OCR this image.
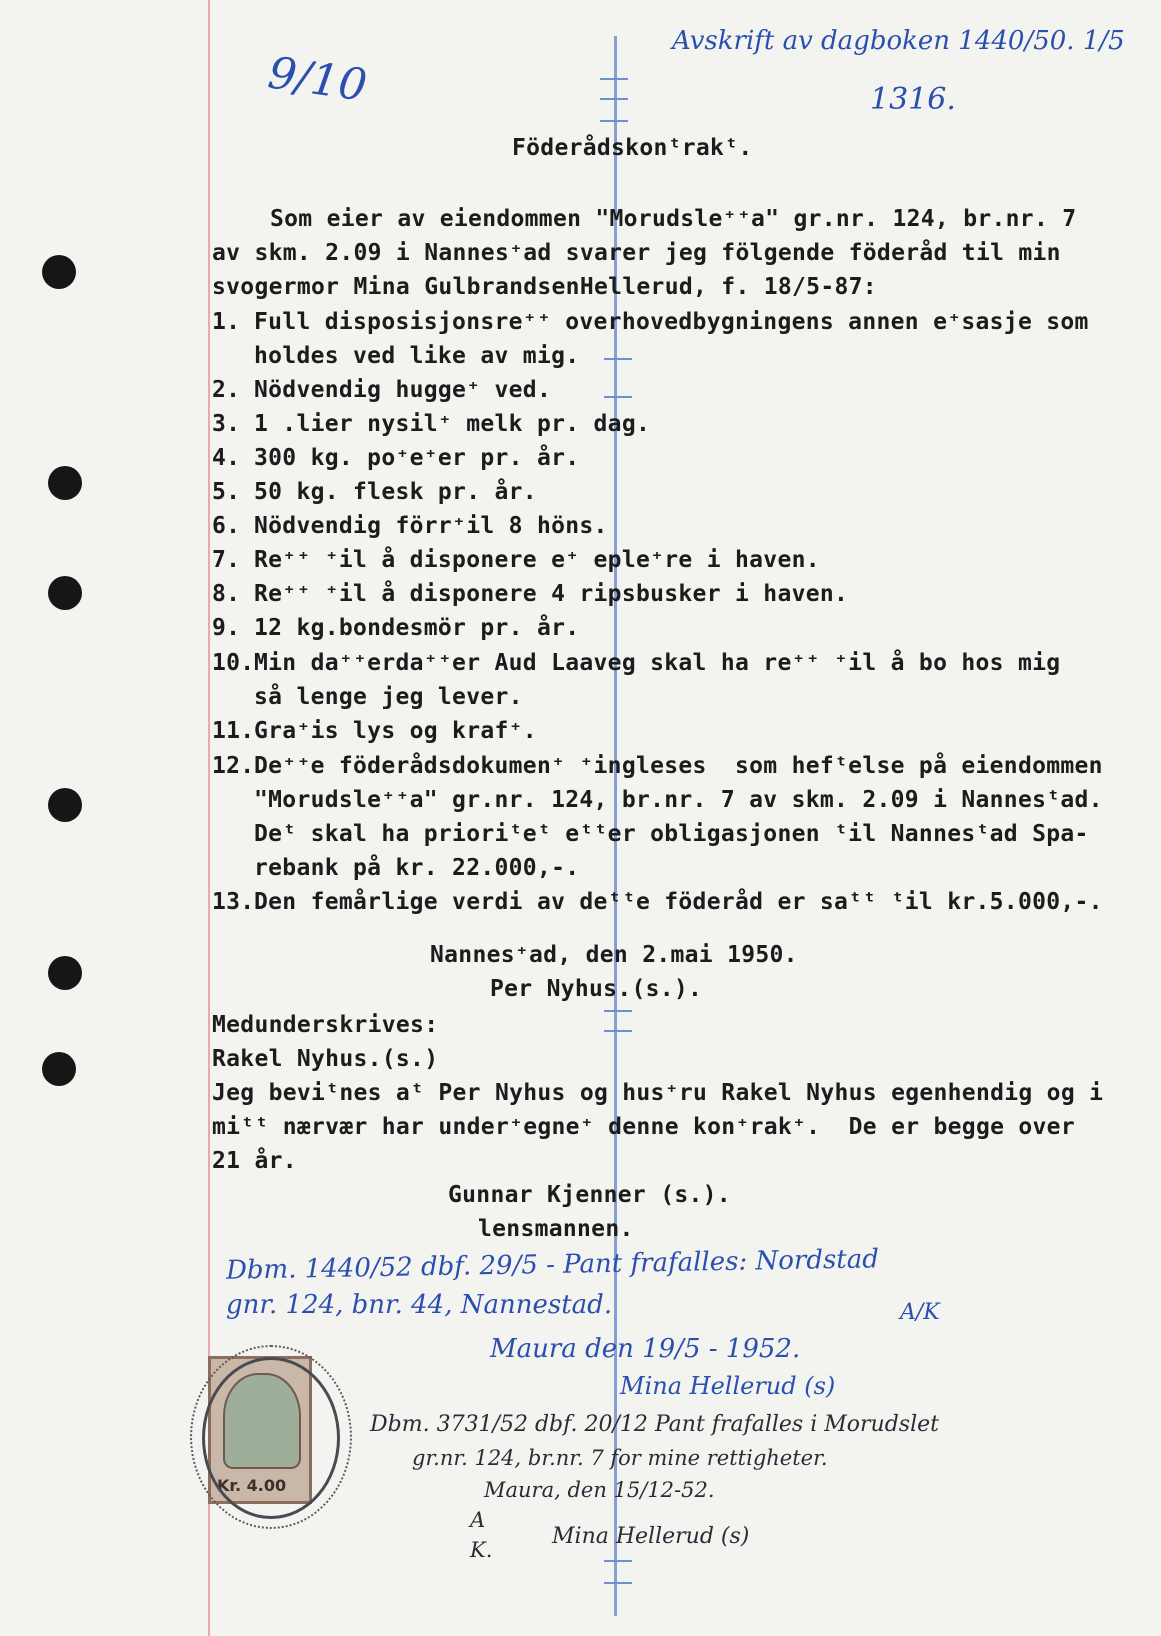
Avskrift av dagboken 1440/50. 1/5
1316.
9/10
Föderådskonᵗrakᵗ.
Som eier av eiendommen "Morudsle⁺⁺a" gr.nr. 124, br.nr. 7
av skm. 2.09 i Nannes⁺ad svarer jeg fölgende föderåd til min
svogermor Mina GulbrandsenHellerud, f. 18/5-87:
1. Full disposisjonsre⁺⁺ overhovedbygningens annen e⁺sasje som
holdes ved like av mig.
2. Nödvendig hugge⁺ ved.
3. 1 .lier nysil⁺ melk pr. dag.
4. 300 kg. po⁺e⁺er pr. år.
5. 50 kg. flesk pr. år.
6. Nödvendig förr⁺il 8 höns.
7. Re⁺⁺ ⁺il å disponere e⁺ eple⁺re i haven.
8. Re⁺⁺ ⁺il å disponere 4 ripsbusker i haven.
9. 12 kg.bondesmör pr. år.
10. Min da⁺⁺erda⁺⁺er Aud Laaveg skal ha re⁺⁺ ⁺il å bo hos mig
så lenge jeg lever.
11. Gra⁺is lys og kraf⁺.
12. De⁺⁺e föderådsdokumen⁺ ⁺ingleses  som hefᵗelse på eiendommen
"Morudsle⁺⁺a" gr.nr. 124, br.nr. 7 av skm. 2.09 i Nannesᵗad.
Deᵗ skal ha prioriᵗeᵗ eᵗᵗer obligasjonen ᵗil Nannesᵗad Spa-
rebank på kr. 22.000,-.
13. Den femårlige verdi av deᵗᵗe föderåd er saᵗᵗ ᵗil kr.5.000,-.
Nannes⁺ad, den 2.mai 1950.
Per Nyhus.(s.).
Medunderskrives:
Rakel Nyhus.(s.)
Jeg beviᵗnes aᵗ Per Nyhus og hus⁺ru Rakel Nyhus egenhendig og i
miᵗᵗ nærvær har under⁺egne⁺ denne kon⁺rak⁺.  De er begge over
21 år.
Gunnar Kjenner (s.).
lensmannen.
Dbm. 1440/52 dbf. 29/5 - Pant frafalles: Nordstad
gnr. 124, bnr. 44, Nannestad.
Maura den 19/5 - 1952.
A/K
Mina Hellerud (s)
Dbm. 3731/52 dbf. 20/12 Pant frafalles i Morudslet
gr.nr. 124, br.nr. 7 for mine rettigheter.
Maura, den 15/12-52.
A
K.
Mina Hellerud (s)
Kr. 4.00
